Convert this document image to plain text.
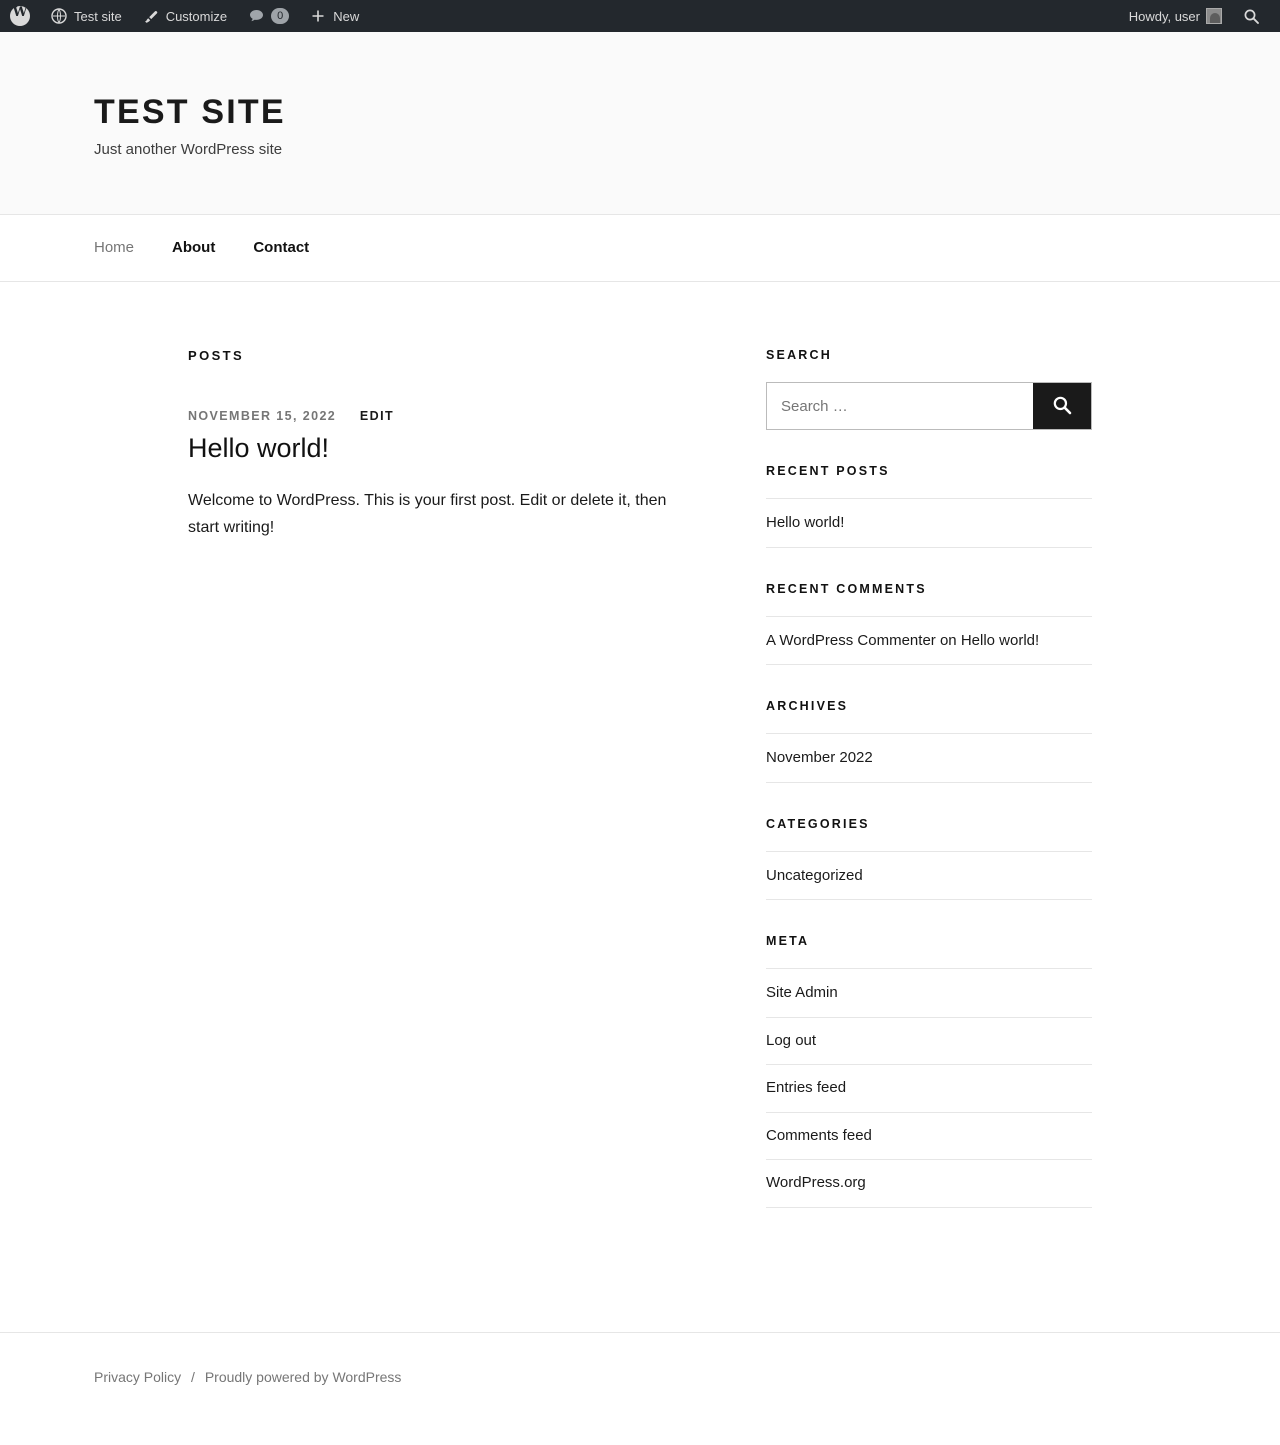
W
Test site	Customize	0	New	Howdy, user
TEST SITE

Just another WordPress site

Home	About	Contact
POSTS
NOVEMBER 15, 2022 EDIT
Hello world!

Welcome to WordPress. This is your first post. Edit or delete it, then start writing!

SEARCH
Search …
RECENT POSTS
Hello world!
RECENT COMMENTS
A WordPress Commenter on Hello world!
ARCHIVES
November 2022
CATEGORIES
Uncategorized
META
Site Admin
Log out
Entries feed
Comments feed
WordPress.org
Privacy Policy / Proudly powered by WordPress
